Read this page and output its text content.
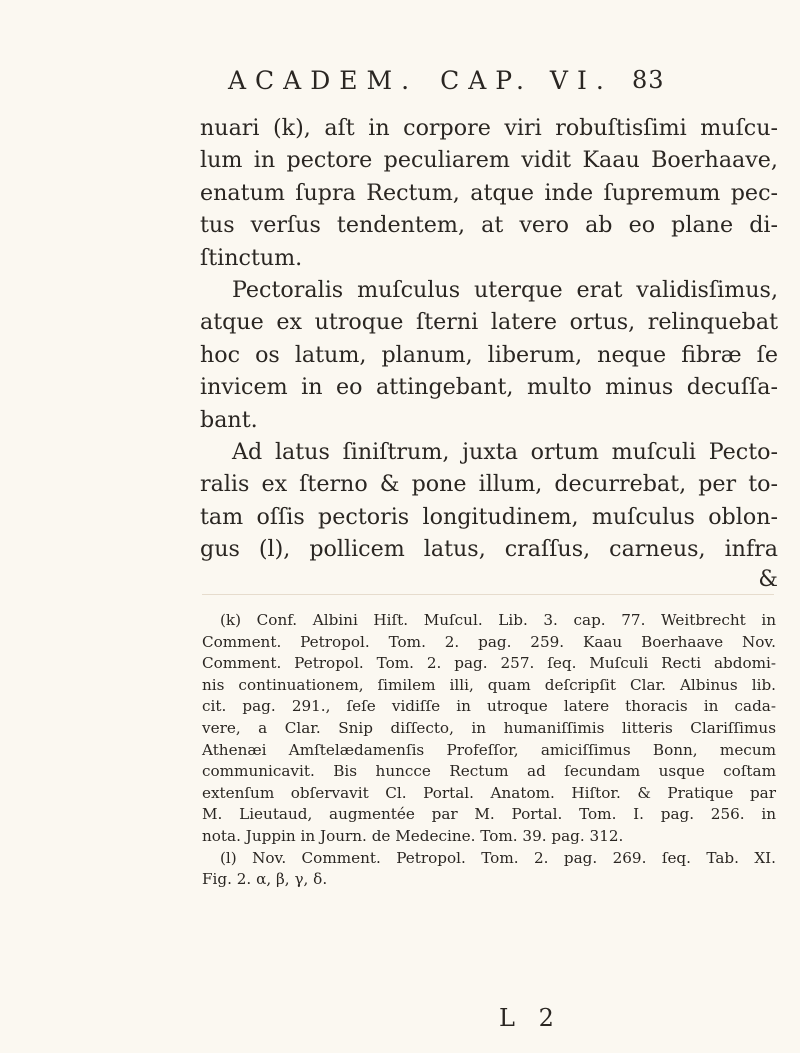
ACADEM. CAP. VI. 83

nuari (k), aſt in corpore viri robuſtisſimi muſcu-

lum in pectore peculiarem vidit Kaau Boerhaave,

enatum ſupra Rectum, atque inde ſupremum pec-

tus verſus tendentem, at vero ab eo plane di-

ſtinctum.

Pectoralis muſculus uterque erat validisſimus,

atque ex utroque ſterni latere ortus, relinquebat

hoc os latum, planum, liberum, neque fibræ ſe

invicem in eo attingebant, multo minus decuſſa-

bant.

Ad latus ſiniſtrum, juxta ortum muſculi Pecto-

ralis ex ſterno & pone illum, decurrebat, per to-

tam oſſis pectoris longitudinem, muſculus oblon-

gus (l), pollicem latus, craſſus, carneus, infra

&

(k) Conf. Albini Hiſt. Muſcul. Lib. 3. cap. 77. Weitbrecht in

Comment. Petropol. Tom. 2. pag. 259. Kaau Boerhaave Nov.

Comment. Petropol. Tom. 2. pag. 257. ſeq. Muſculi Recti abdomi-

nis continuationem, ſimilem illi, quam deſcripſit Clar. Albinus lib.

cit. pag. 291., ſeſe vidiſſe in utroque latere thoracis in cada-

vere, a Clar. Snip diſſecto, in humaniſſimis litteris Clariſſimus

Athenæi Amſtelædamenſis Profeſſor, amiciſſimus Bonn, mecum

communicavit. Bis huncce Rectum ad ſecundam usque coſtam

extenſum obſervavit Cl. Portal. Anatom. Hiſtor. & Pratique par

M. Lieutaud, augmentée par M. Portal. Tom. I. pag. 256. in

nota. Juppin in Journ. de Medecine. Tom. 39. pag. 312.

(l) Nov. Comment. Petropol. Tom. 2. pag. 269. ſeq. Tab. XI.

Fig. 2. α, β, γ, δ.

L 2
